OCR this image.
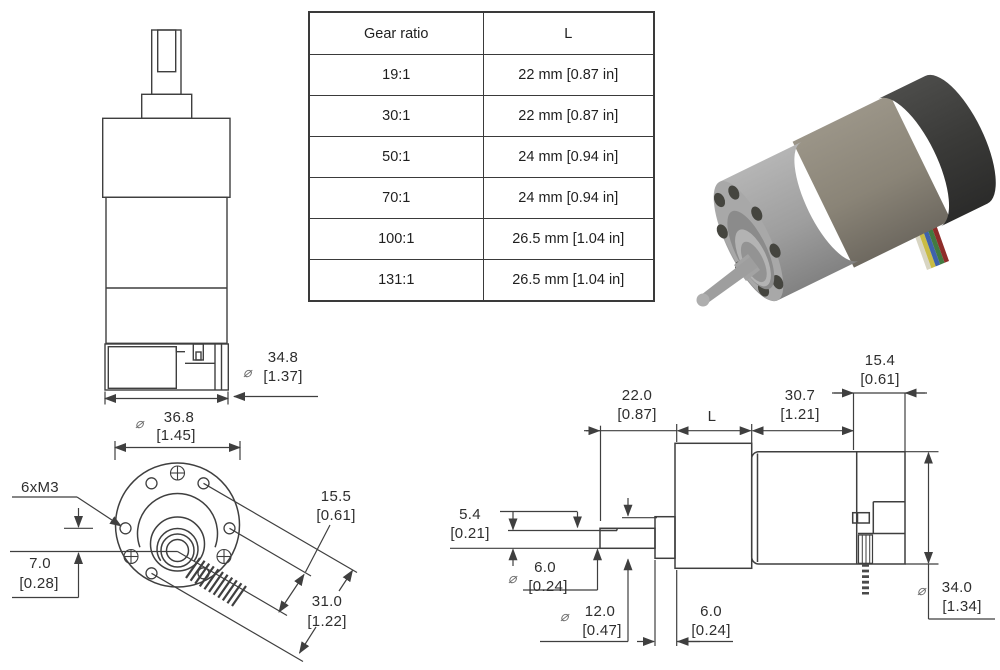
⌀
34.8
[1.37]
⌀ 36.8
[1.45]
6xM3
7.0
[0.28]
15.5
[0.61]
31.0
[1.22]
22.0
[0.87]	L
30.7
[1.21]
15.4
[0.61]
5.4
[0.21]
⌀
6.0
[0.24]
⌀ 12.0
[0.47]
6.0
[0.24]
⌀ 34.0
[1.34]
Gear ratio	L
19:1	22 mm [0.87 in]
30:1	22 mm [0.87 in]
50:1	24 mm [0.94 in]
70:1	24 mm [0.94 in]
100:1	26.5 mm [1.04 in]
131:1	26.5 mm [1.04 in]
